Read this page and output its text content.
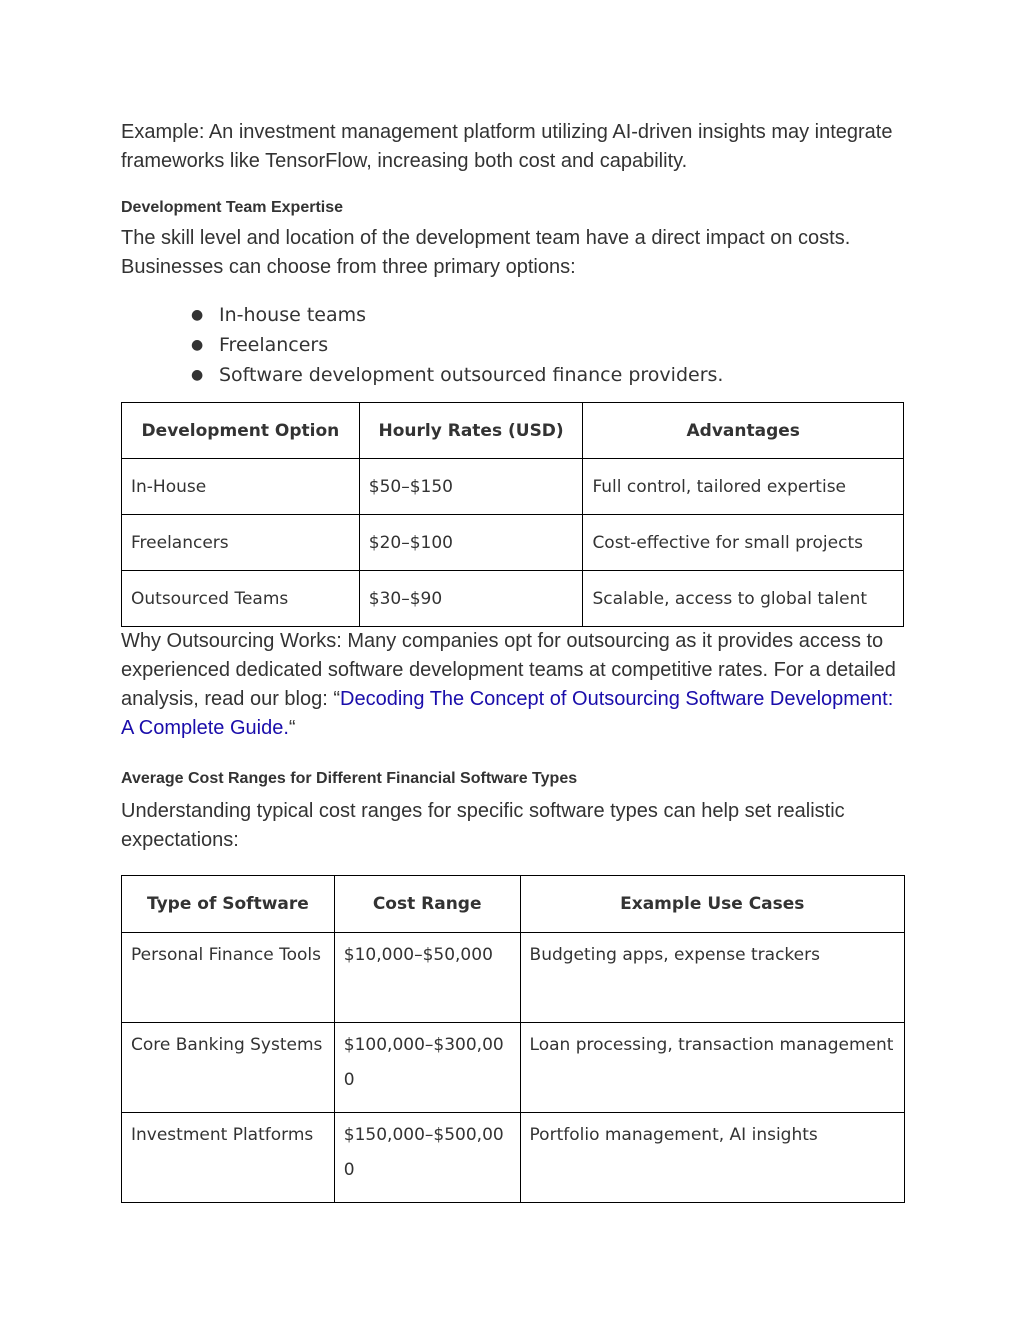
Example: An investment management platform utilizing AI-driven insights may integrate frameworks like TensorFlow, increasing both cost and capability.

Development Team Expertise

The skill level and location of the development team have a direct impact on costs. Businesses can choose from three primary options:

● In-house teams
● Freelancers
● Software development outsourced finance providers.
Development Option	Hourly Rates (USD)	Advantages
In-House	$50–$150	Full control, tailored expertise
Freelancers	$20–$100	Cost-effective for small projects
Outsourced Teams	$30–$90	Scalable, access to global talent

Why Outsourcing Works: Many companies opt for outsourcing as it provides access to experienced dedicated software development teams at competitive rates. For a detailed analysis, read our blog: “Decoding The Concept of Outsourcing Software Development: A Complete Guide.“

Average Cost Ranges for Different Financial Software Types

Understanding typical cost ranges for specific software types can help set realistic expectations:

Type of Software	Cost Range	Example Use Cases
Personal Finance Tools	$10,000–$50,000	Budgeting apps, expense trackers
Core Banking Systems	$100,000–$300,000	Loan processing, transaction management
Investment Platforms	$150,000–$500,000	Portfolio management, AI insights
